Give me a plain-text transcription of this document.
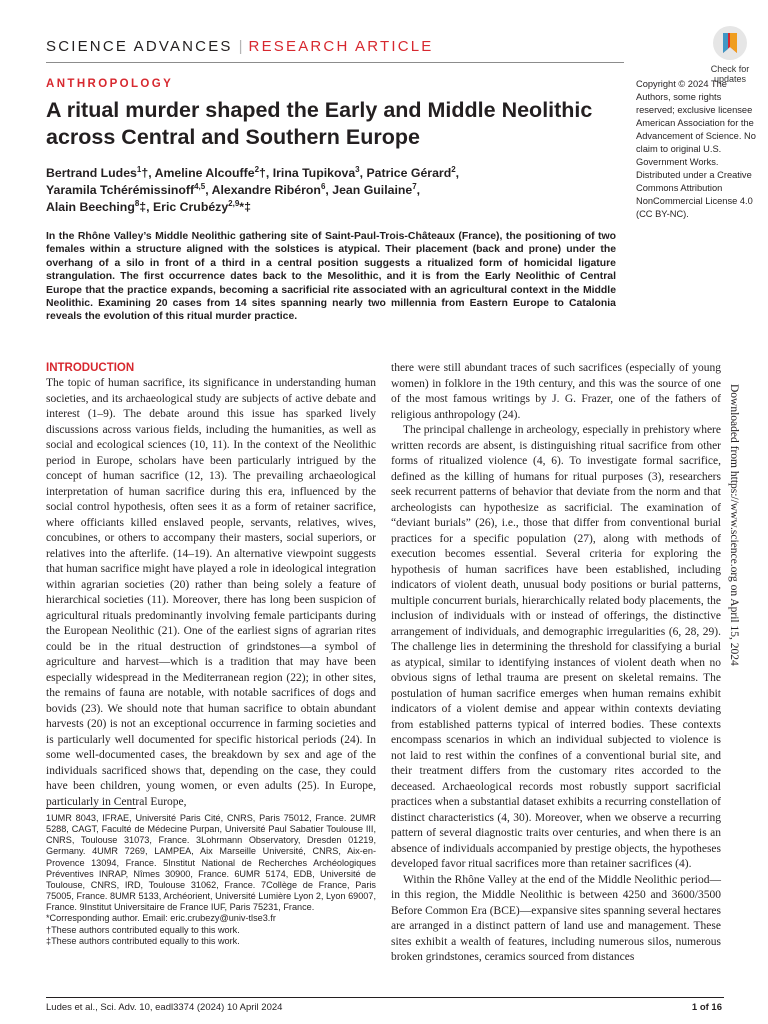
SCIENCE ADVANCES | RESEARCH ARTICLE
Check for
updates
ANTHROPOLOGY
A ritual murder shaped the Early and Middle Neolithic across Central and Southern Europe
Bertrand Ludes$^1$†, Ameline Alcouffe$^2$†, Irina Tupikova$^3$, Patrice Gérard$^2$,
Yaramila Tchérémissinoff$^{4,5}$, Alexandre Ribéron$^6$, Jean Guilaine$^7$,
Alain Beeching$^8$‡, Eric Crubézy$^{2,9}$*‡
Copyright © 2024 The Authors, some rights reserved; exclusive licensee American Association for the Advancement of Science. No claim to original U.S. Government Works. Distributed under a Creative Commons Attribution NonCommercial License 4.0 (CC BY-NC).
In the Rhône Valley’s Middle Neolithic gathering site of Saint-Paul-Trois-Châteaux (France), the positioning of two females within a structure aligned with the solstices is atypical. Their placement (back and prone) under the overhang of a silo in front of a third in a central position suggests a ritualized form of homicidal ligature strangulation. The first occurrence dates back to the Mesolithic, and it is from the Early Neolithic of Central Europe that the practice expands, becoming a sacrificial rite associated with an agricultural context in the Middle Neolithic. Examining 20 cases from 14 sites spanning nearly two millennia from Eastern Europe to Catalonia reveals the evolution of this ritual murder practice.
INTRODUCTION

The topic of human sacrifice, its significance in understanding human societies, and its archaeological study are subjects of active debate and interest (1–9). The debate around this issue has sparked lively discussions across various fields, including the humanities, as well as social and ecological sciences (10, 11). In the context of the Neolithic period in Europe, scholars have been particularly intrigued by the concept of human sacrifice (12, 13). The prevailing archaeological interpretation of human sacrifice during this era, influenced by the social control hypothesis, often sees it as a form of retainer sacrifice, where officiants killed enslaved people, servants, relatives, wives, concubines, or others to accompany their masters, social superiors, or relatives into the afterlife. (14–19). An alternative viewpoint suggests that human sacrifice might have played a role in ideological integration within agrarian societies (20) rather than being solely a feature of hierarchical societies (11). Moreover, there has long been suspicion of agricultural rituals predominantly involving female participants during the European Neolithic (21). One of the earliest signs of agrarian rites could be in the ritual destruction of grindstones—a symbol of agriculture and harvest—which is a tradition that may have been especially widespread in the Mediterranean region (22); in other sites, the remains of fauna are notable, with notable sacrifices of dogs and bovids (23). We should note that human sacrifice to obtain abundant harvests (20) is not an exceptional occurrence in farming societies and is particularly well documented for specific historical periods (24). In some well-documented cases, the breakdown by sex and age of the individuals sacrificed shows that, depending on the case, they could have been children, young women, or even adults (25). In Europe, particularly in Central Europe,

there were still abundant traces of such sacrifices (especially of young women) in folklore in the 19th century, and this was the source of one of the most famous writings by J. G. Frazer, one of the fathers of religious anthropology (24).

The principal challenge in archeology, especially in prehistory where written records are absent, is distinguishing ritual sacrifice from other forms of ritualized violence (4, 6). To investigate formal sacrifice, defined as the killing of humans for ritual purposes (3), researchers seek recurrent patterns of behavior that deviate from the norm and that archeologists can hypothesize as sacrificial. The examination of “deviant burials” (26), i.e., those that differ from conventional burial practices for a specific population (27), along with methods of execution becomes essential. Several criteria for exploring the hypothesis of human sacrifices have been established, including indicators of violent death, unusual body positions or burial patterns, multiple concurrent burials, hierarchically related body placements, the inclusion of individuals with or instead of offerings, the distinctive arrangement of individuals, and demographic irregularities (6, 28, 29). The challenge lies in determining the threshold for classifying a burial as atypical, similar to identifying instances of violent death when no obvious signs of lethal trauma are present on skeletal remains. The postulation of human sacrifice emerges when human remains exhibit indicators of a violent demise and appear within contexts deviating from established patterns typical of interred bodies. These contexts encompass scenarios in which an individual subjected to violence is not laid to rest within the confines of a conventional burial site, and their treatment differs from the customary rites accorded to the deceased. Archaeological records most robustly support sacrificial practices when a substantial dataset exhibits a recurring constellation of distinct characteristics (4, 30). Moreover, when we observe a recurring pattern of several diagnostic traits over centuries, and when there is an absence of individuals accompanied by prestige objects, the hypotheses developed favor ritual sacrifices more than retainer sacrifices (4).

Within the Rhône Valley at the end of the Middle Neolithic period—in this region, the Middle Neolithic is between 4250 and 3600/3500 Before Common Era (BCE)—expansive sites spanning several hectares are arranged in a distinct pattern of land use and management. These sites exhibit a wealth of features, including numerous silos, numerous broken grindstones, ceramics sourced from distances

1UMR 8043, IFRAE, Université Paris Cité, CNRS, Paris 75012, France. 2UMR 5288, CAGT, Faculté de Médecine Purpan, Université Paul Sabatier Toulouse III, CNRS, Toulouse 31073, France. 3Lohrmann Observatory, Dresden 01219, Germany. 4UMR 7269, LAMPEA, Aix Marseille Université, CNRS, Aix-en-Provence 13094, France. 5Institut National de Recherches Archéologiques Préventives INRAP, Nîmes 30900, France. 6UMR 5174, EDB, Université de Toulouse, CNRS, IRD, Toulouse 31062, France. 7Collège de France, Paris 75005, France. 8UMR 5133, Archéorient, Université Lumière Lyon 2, Lyon 69007, France. 9Institut Universitaire de France IUF, Paris 75231, France.

*Corresponding author. Email: eric.crubezy@univ-tlse3.fr

†These authors contributed equally to this work.

‡These authors contributed equally to this work.

Downloaded from https://www.science.org on April 15, 2024
Ludes et al., Sci. Adv. 10, eadl3374 (2024) 10 April 2024	1 of 16
